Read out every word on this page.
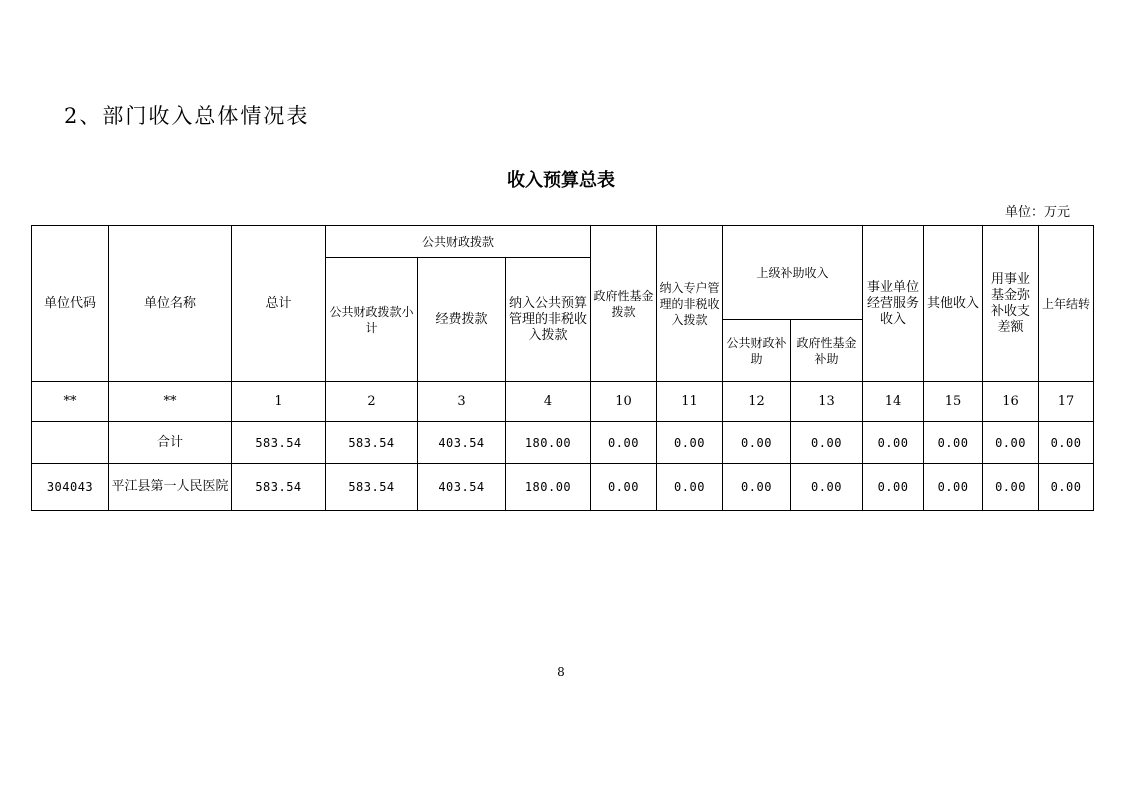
2、部门收入总体情况表
收入预算总表
单位：万元
单位代码	单位名称	总计	公共财政拨款			政府性基金拨款	纳入专户管理的非税收入拨款	上级补助收入		事业单位经营服务收入	其他收入	用事业基金弥补收支差额	上年结转
			公共财政拨款小计	经费拨款	纳入公共预算管理的非税收入拨款								
								公共财政补助	政府性基金补助				
**	**	1	2	3	4	10	11	12	13	14	15	16	17
	合计	583.54	583.54	403.54	180.00	0.00	0.00	0.00	0.00	0.00	0.00	0.00	0.00
304043	平江县第一人民医院	583.54	583.54	403.54	180.00	0.00	0.00	0.00	0.00	0.00	0.00	0.00	0.00
8
